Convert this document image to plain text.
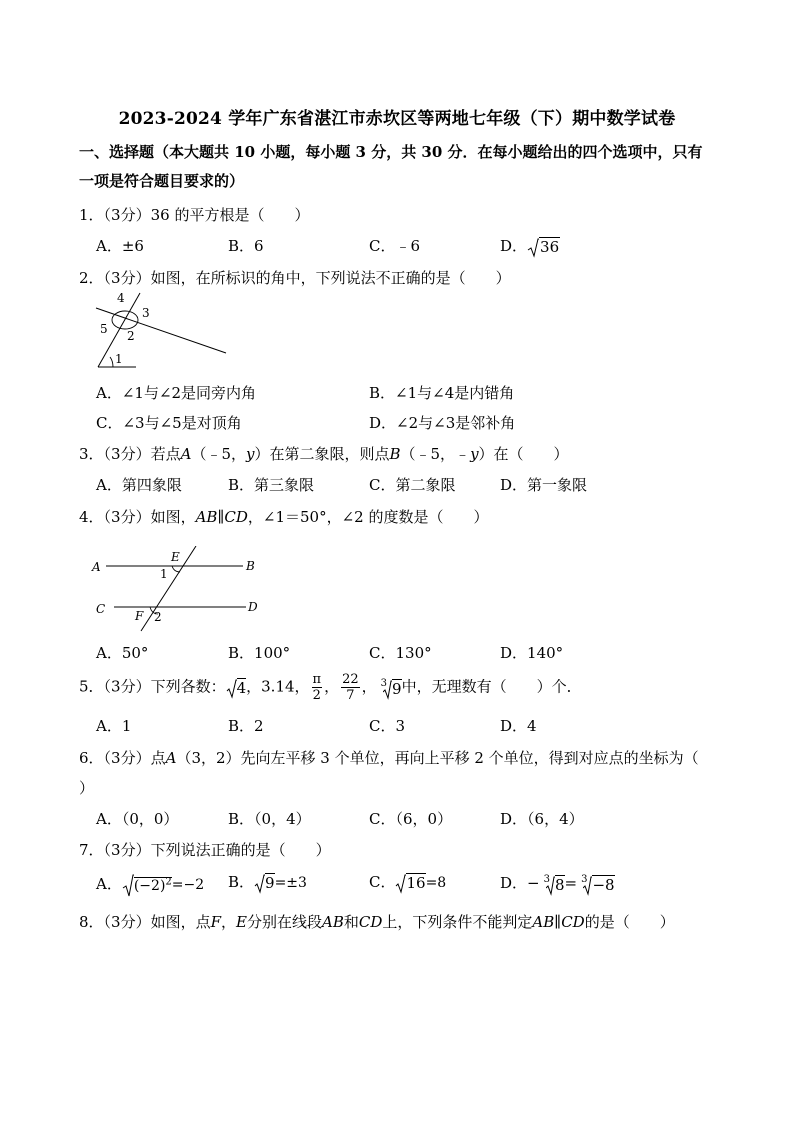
2023-2024 学年广东省湛江市赤坎区等两地七年级（下）期中数学试卷
一、选择题（本大题共 10 小题，每小题 3 分，共 30 分．在每小题给出的四个选项中，只有
一项是符合题目要求的）
1．（3分）36 的平方根是（　　）
A．±6	B．6	C．﹣6	D． 36
2．（3分）如图，在所标识的角中，下列说法不正确的是（　　）
4
3
5 2
1
A．∠1与∠2是同旁内角	B．∠1与∠4是内错角
C．∠3与∠5是对顶角	D．∠2与∠3是邻补角
3．（3分）若点A（﹣5，y）在第二象限，则点B（﹣5，﹣y）在（　　）
A．第四象限	B．第三象限	C．第二象限	D．第一象限
4．（3分）如图，AB∥CD，∠1＝50°，∠2 的度数是（　　）
A
E
B
1
C	D
F 2
A．50°	B．100°	C．130°	D．140°
5．（3分）下列各数： 4，3.14， $\frac{\pi}{2}$ ， $\frac{22}{7}$ ， $^3$ 9中，无理数有（　　）个．
A．1	B．2	C．3	D．4
6．（3分）点A（3，2）先向左平移 3 个单位，再向上平移 2 个单位，得到对应点的坐标为（
）
A．（0，0）	B．（0，4）	C．（6，0）	D．（6，4）
7．（3分）下列说法正确的是（　　）
A． $(-2)^2=-2$ B． 9=±3	C． 16=8	D．− $^3$ 8= $^3$ −8
8．（3分）如图，点F，E分别在线段AB和CD上，下列条件不能判定AB∥CD的是（　　）
